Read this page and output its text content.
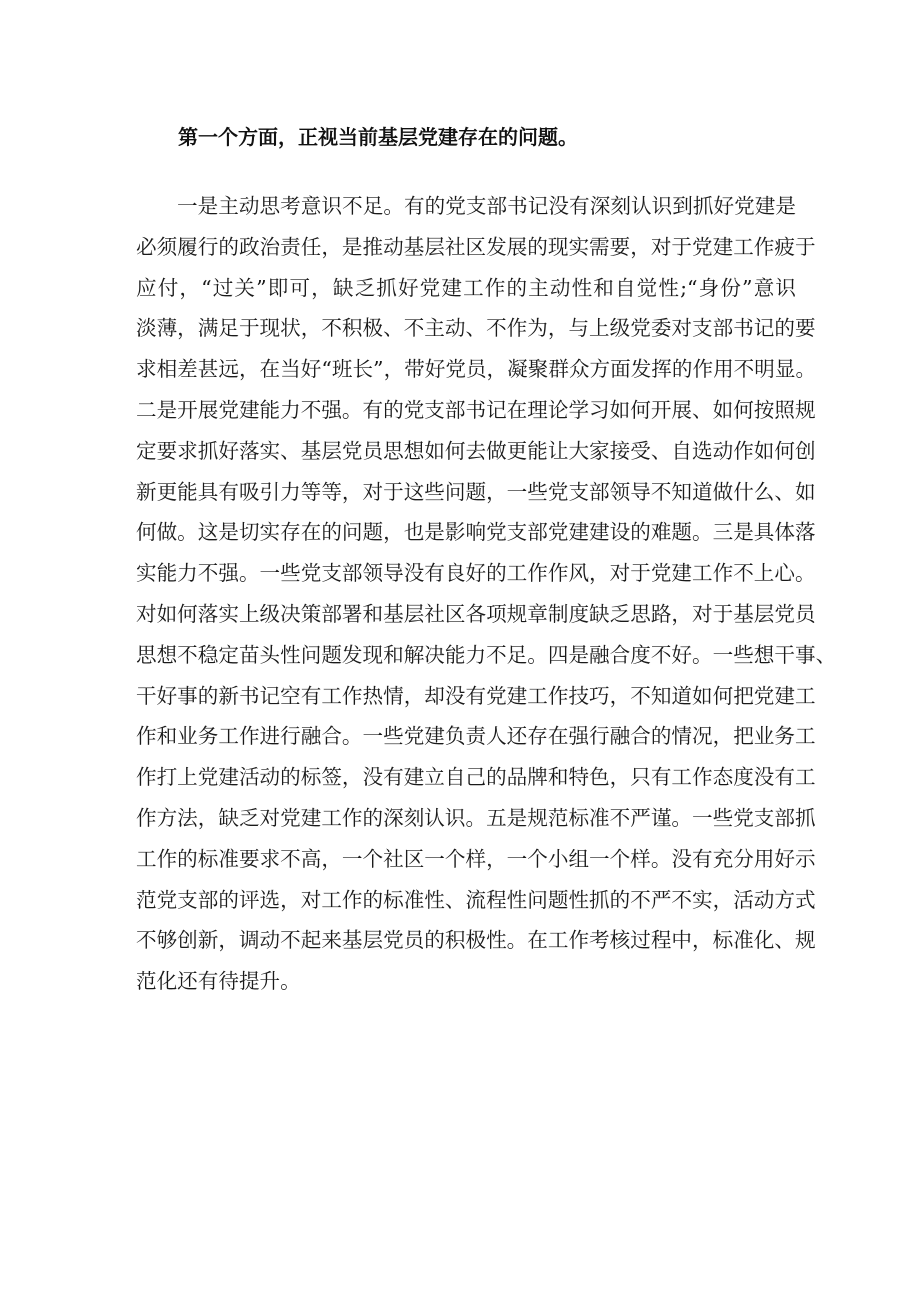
第一个方面，正视当前基层党建存在的问题。
一是主动思考意识不足。有的党支部书记没有深刻认识到抓好党建是
必须履行的政治责任，是推动基层社区发展的现实需要，对于党建工作疲于
应付，“过关”即可，缺乏抓好党建工作的主动性和自觉性;“身份”意识
淡薄，满足于现状，不积极、不主动、不作为，与上级党委对支部书记的要
求相差甚远，在当好“班长”，带好党员，凝聚群众方面发挥的作用不明显。
二是开展党建能力不强。有的党支部书记在理论学习如何开展、如何按照规
定要求抓好落实、基层党员思想如何去做更能让大家接受、自选动作如何创
新更能具有吸引力等等，对于这些问题，一些党支部领导不知道做什么、如
何做。这是切实存在的问题，也是影响党支部党建建设的难题。三是具体落
实能力不强。一些党支部领导没有良好的工作作风，对于党建工作不上心。
对如何落实上级决策部署和基层社区各项规章制度缺乏思路，对于基层党员
思想不稳定苗头性问题发现和解决能力不足。四是融合度不好。一些想干事、
干好事的新书记空有工作热情，却没有党建工作技巧，不知道如何把党建工
作和业务工作进行融合。一些党建负责人还存在强行融合的情况，把业务工
作打上党建活动的标签，没有建立自己的品牌和特色，只有工作态度没有工
作方法，缺乏对党建工作的深刻认识。五是规范标准不严谨。一些党支部抓
工作的标准要求不高，一个社区一个样，一个小组一个样。没有充分用好示
范党支部的评选，对工作的标准性、流程性问题性抓的不严不实，活动方式
不够创新，调动不起来基层党员的积极性。在工作考核过程中，标准化、规
范化还有待提升。
